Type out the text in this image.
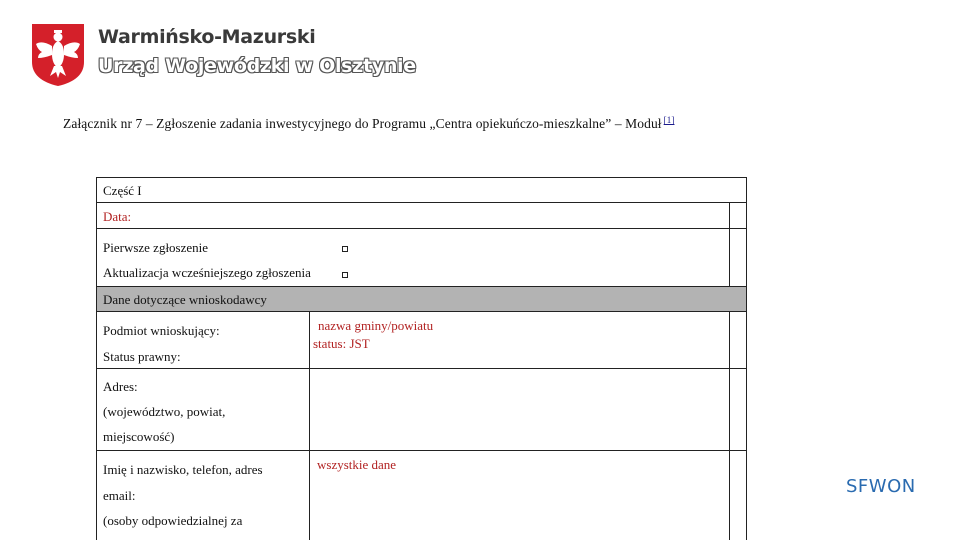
Warmińsko-Mazurski
Urząd Wojewódzki w Olsztynie
Załącznik nr 7 – Zgłoszenie zadania inwestycyjnego do Programu „Centra opiekuńczo-mieszkalne” – Moduł [1]
Część I
Data:
Pierwsze zgłoszenie
Aktualizacja wcześniejszego zgłoszenia
Dane dotyczące wnioskodawcy
Podmiot wnioskujący:
Status prawny:
nazwa gminy/powiatu
status: JST
Adres:
(województwo, powiat,
miejscowość)
Imię i nazwisko, telefon, adres
email:
(osoby odpowiedzialnej za
wszystkie dane
SFWON
